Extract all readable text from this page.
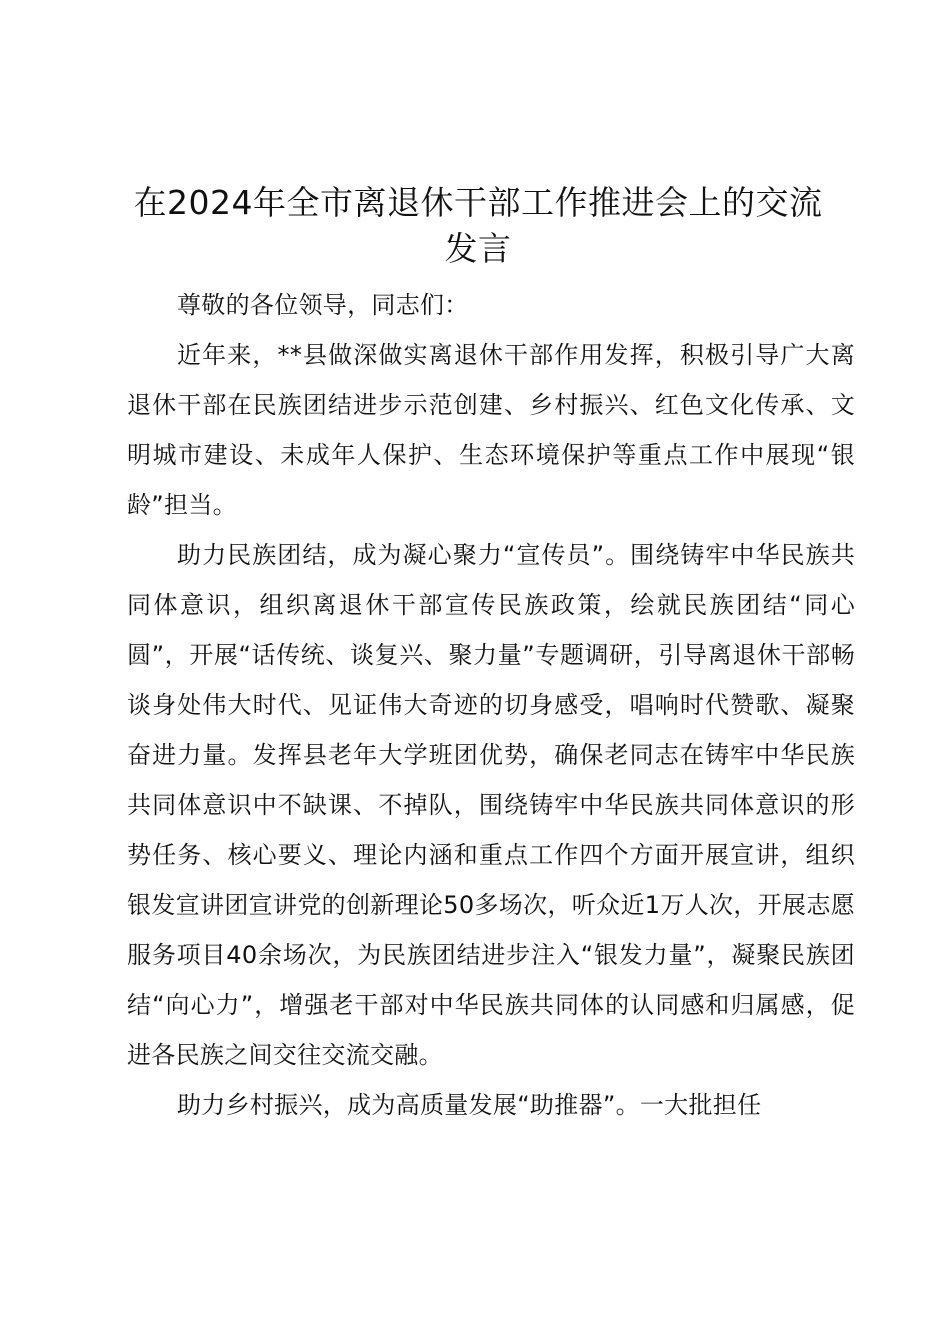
在2024年全市离退休干部工作推进会上的交流发言

尊敬的各位领导，同志们：

近年来，**县做深做实离退休干部作用发挥，积极引导广大离退休干部在民族团结进步示范创建、乡村振兴、红色文化传承、文明城市建设、未成年人保护、生态环境保护等重点工作中展现“银龄”担当。

助力民族团结，成为凝心聚力“宣传员”。围绕铸牢中华民族共同体意识，组织离退休干部宣传民族政策，绘就民族团结“同心圆”，开展“话传统、谈复兴、聚力量”专题调研，引导离退休干部畅谈身处伟大时代、见证伟大奇迹的切身感受，唱响时代赞歌、凝聚奋进力量。发挥县老年大学班团优势，确保老同志在铸牢中华民族共同体意识中不缺课、不掉队，围绕铸牢中华民族共同体意识的形势任务、核心要义、理论内涵和重点工作四个方面开展宣讲，组织银发宣讲团宣讲党的创新理论50多场次，听众近1万人次，开展志愿服务项目40余场次，为民族团结进步注入“银发力量”，凝聚民族团结“向心力”，增强老干部对中华民族共同体的认同感和归属感，促进各民族之间交往交流交融。

助力乡村振兴，成为高质量发展“助推器”。一大批担任
